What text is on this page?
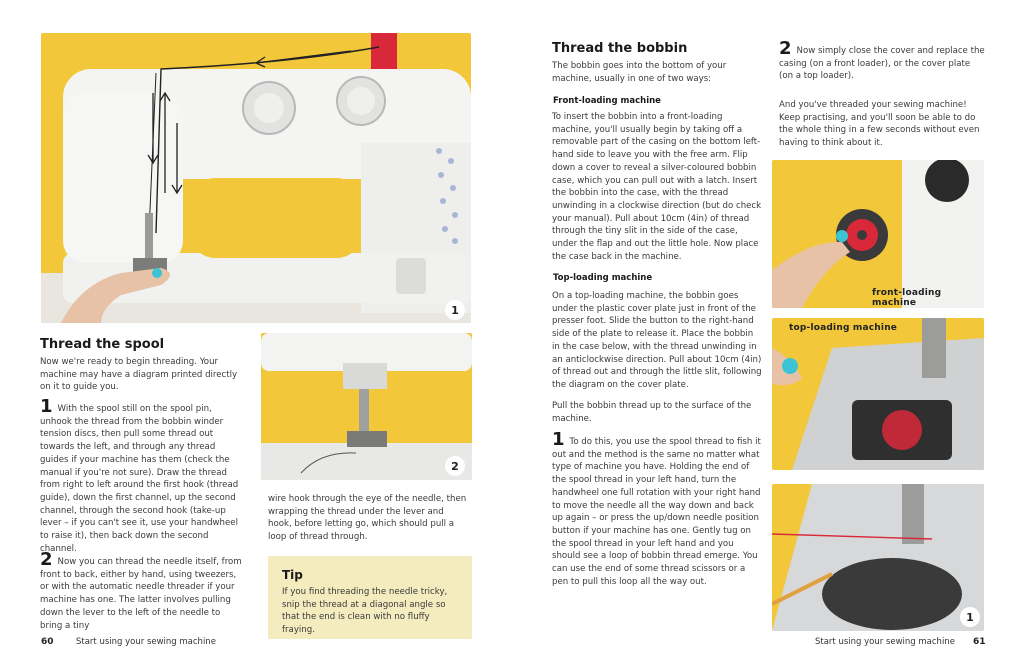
1
2
Thread the spool
Now we're ready to begin threading. Your machine may have a diagram printed directly on it to guide you.
1 With the spool still on the spool pin, unhook the thread from the bobbin winder tension discs, then pull some thread out towards the left, and through any thread guides if your machine has them (check the manual if you're not sure). Draw the thread from right to left around the first hook (thread guide), down the first channel, up the second channel, through the second hook (take-up lever – if you can't see it, use your handwheel to raise it), then back down the second channel.
2 Now you can thread the needle itself, from front to back, either by hand, using tweezers, or with the automatic needle threader if your machine has one. The latter involves pulling down the lever to the left of the needle to bring a tiny
wire hook through the eye of the needle, then wrapping the thread under the lever and hook, before letting go, which should pull a loop of thread through.
Tip
If you find threading the needle tricky, snip the thread at a diagonal angle so that the end is clean with no fluffy fraying.
60	Start using your sewing machine
Thread the bobbin
The bobbin goes into the bottom of your machine, usually in one of two ways:
Front-loading machine
To insert the bobbin into a front-loading machine, you'll usually begin by taking off a removable part of the casing on the bottom left-hand side to leave you with the free arm. Flip down a cover to reveal a silver-coloured bobbin case, which you can pull out with a latch. Insert the bobbin into the case, with the thread unwinding in a clockwise direction (but do check your manual). Pull about 10cm (4in) of thread through the tiny slit in the side of the case, under the flap and out the little hole. Now place the case back in the machine.
Top-loading machine
On a top-loading machine, the bobbin goes under the plastic cover plate just in front of the presser foot. Slide the button to the right-hand side of the plate to release it. Place the bobbin in the case below, with the thread unwinding in an anticlockwise direction. Pull about 10cm (4in) of thread out and through the little slit, following the diagram on the cover plate.
Pull the bobbin thread up to the surface of the machine.
1 To do this, you use the spool thread to fish it out and the method is the same no matter what type of machine you have. Holding the end of the spool thread in your left hand, turn the handwheel one full rotation with your right hand to move the needle all the way down and back up again – or press the up/down needle position button if your machine has one. Gently tug on the spool thread in your left hand and you should see a loop of bobbin thread emerge. You can use the end of some thread scissors or a pen to pull this loop all the way out.
2 Now simply close the cover and replace the casing (on a front loader), or the cover plate (on a top loader).
And you've threaded your sewing machine! Keep practising, and you'll soon be able to do the whole thing in a few seconds without even having to think about it.
front-loading machine
top-loading machine
1
Start using your sewing machine 61
